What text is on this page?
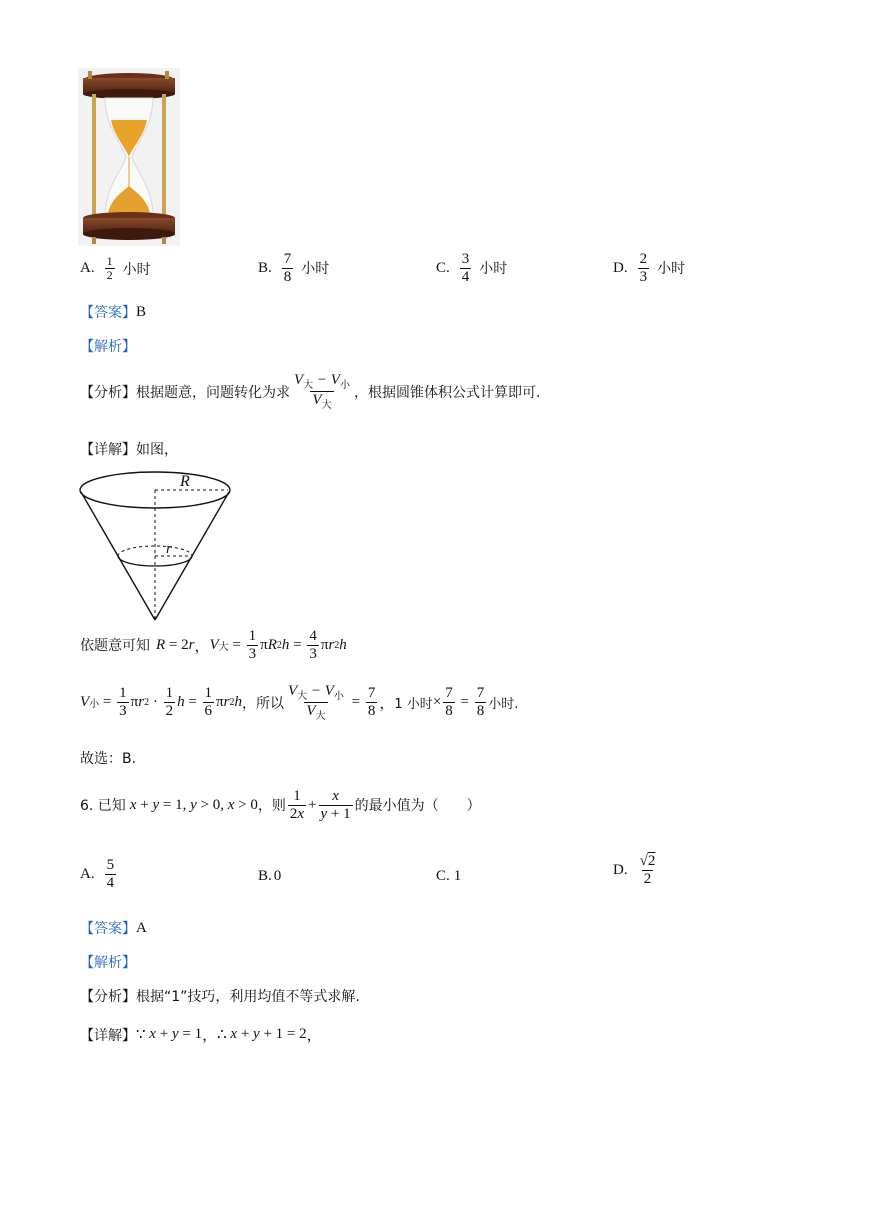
A. $\frac{1}{2}$ 小时	B. $\frac{7}{8}$ 小时	C. $\frac{3}{4}$ 小时	D. $\frac{2}{3}$ 小时
【答案】 B
【解析】
【分析】 根据题意，问题转化为求 $\frac{V_大 - V_小}{V_大}$ ，根据圆锥体积公式计算即可.
【详解】 如图，
R
r
依题意可知 R = 2 r ， V 大 = $\frac{1}{3}$ π R 2 $h = \frac{4}{3}$ π r 2 h
V 小 = $\frac{1}{3}$ π r $2 \cdot \frac{1}{2}$ $h = \frac{1}{6}$ π r 2 h ，所以 $\frac{V_大 - V_小}{V_大} = \frac{7}{8}$ ， 1 小时 × $\frac{7}{8} = \frac{7}{8}$ 小时.
故选：B.
6. 已知 x + y = 1, y > 0, x > 0 ，则 $\frac{1}{2x} + \frac{x}{y + 1}$ 的最小值为（　　）
A. $\frac{5}{4}$	B. 0	C. 1	D. $\frac{√2}{2}$
【答案】 A
【解析】
【分析】 根据“1”技巧，利用均值不等式求解.
【详解】 ∵ x + y = 1 ， ∴ x + y + 1 = 2 ，
